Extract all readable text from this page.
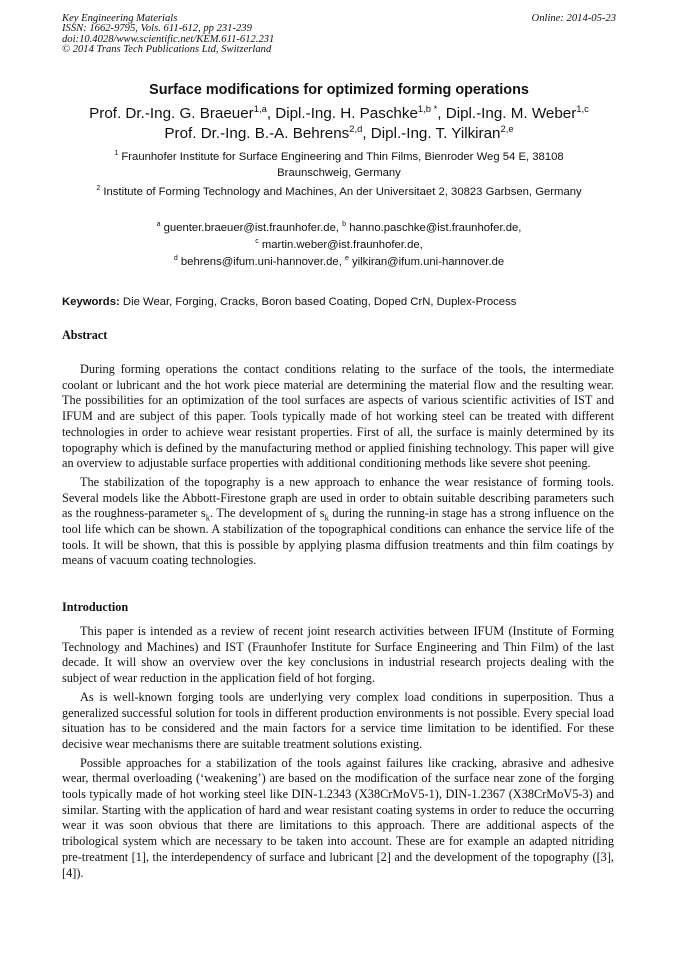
Key Engineering Materials
ISSN: 1662-9795, Vols. 611-612, pp 231-239
doi:10.4028/www.scientific.net/KEM.611-612.231
© 2014 Trans Tech Publications Ltd, Switzerland
Online: 2014-05-23
Surface modifications for optimized forming operations
Prof. Dr.-Ing. G. Braeuer$^{1,a}$, Dipl.-Ing. H. Paschke$^{1,b *}$, Dipl.-Ing. M. Weber$^{1,c}$
Prof. Dr.-Ing. B.-A. Behrens$^{2,d}$, Dipl.-Ing. T. Yilkiran$^{2,e}$
$^1$ Fraunhofer Institute for Surface Engineering and Thin Films, Bienroder Weg 54 E, 38108 Braunschweig, Germany
$^2$ Institute of Forming Technology and Machines, An der Universitaet 2, 30823 Garbsen, Germany
$^a$ guenter.braeuer@ist.fraunhofer.de, $^b$ hanno.paschke@ist.fraunhofer.de,
$^c$ martin.weber@ist.fraunhofer.de,
$^d$ behrens@ifum.uni-hannover.de, $^e$ yilkiran@ifum.uni-hannover.de
Keywords: Die Wear, Forging, Cracks, Boron based Coating, Doped CrN, Duplex-Process
Abstract

During forming operations the contact conditions relating to the surface of the tools, the intermediate coolant or lubricant and the hot work piece material are determining the material flow and the resulting wear. The possibilities for an optimization of the tool surfaces are aspects of various scientific activities of IST and IFUM and are subject of this paper. Tools typically made of hot working steel can be treated with different technologies in order to achieve wear resistant properties. First of all, the surface is mainly determined by its topography which is defined by the manufacturing method or applied finishing technology. This paper will give an overview to adjustable surface properties with additional conditioning methods like severe shot peening.

The stabilization of the topography is a new approach to enhance the wear resistance of forming tools. Several models like the Abbott-Firestone graph are used in order to obtain suitable describing parameters such as the roughness-parameter $s_k$. The development of $s_k$ during the running-in stage has a strong influence on the tool life which can be shown. A stabilization of the topographical conditions can enhance the service life of the tools. It will be shown, that this is possible by applying plasma diffusion treatments and thin film coatings by means of vacuum coating technologies.

Introduction

This paper is intended as a review of recent joint research activities between IFUM (Institute of Forming Technology and Machines) and IST (Fraunhofer Institute for Surface Engineering and Thin Film) of the last decade. It will show an overview over the key conclusions in industrial research projects dealing with the subject of wear reduction in the application field of hot forging.

As is well-known forging tools are underlying very complex load conditions in superposition. Thus a generalized successful solution for tools in different production environments is not possible. Every special load situation has to be considered and the main factors for a service time limitation to be identified. For these decisive wear mechanisms there are suitable treatment solutions existing.

Possible approaches for a stabilization of the tools against failures like cracking, abrasive and adhesive wear, thermal overloading (‘weakening’) are based on the modification of the surface near zone of the forging tools typically made of hot working steel like DIN-1.2343 (X38CrMoV5-1), DIN-1.2367 (X38CrMoV5-3) and similar. Starting with the application of hard and wear resistant coating systems in order to reduce the occurring wear it was soon obvious that there are limitations to this approach. There are additional aspects of the tribological system which are necessary to be taken into account. These are for example an adapted nitriding pre-treatment [1], the interdependency of surface and lubricant [2] and the development of the topography ([3], [4]).
